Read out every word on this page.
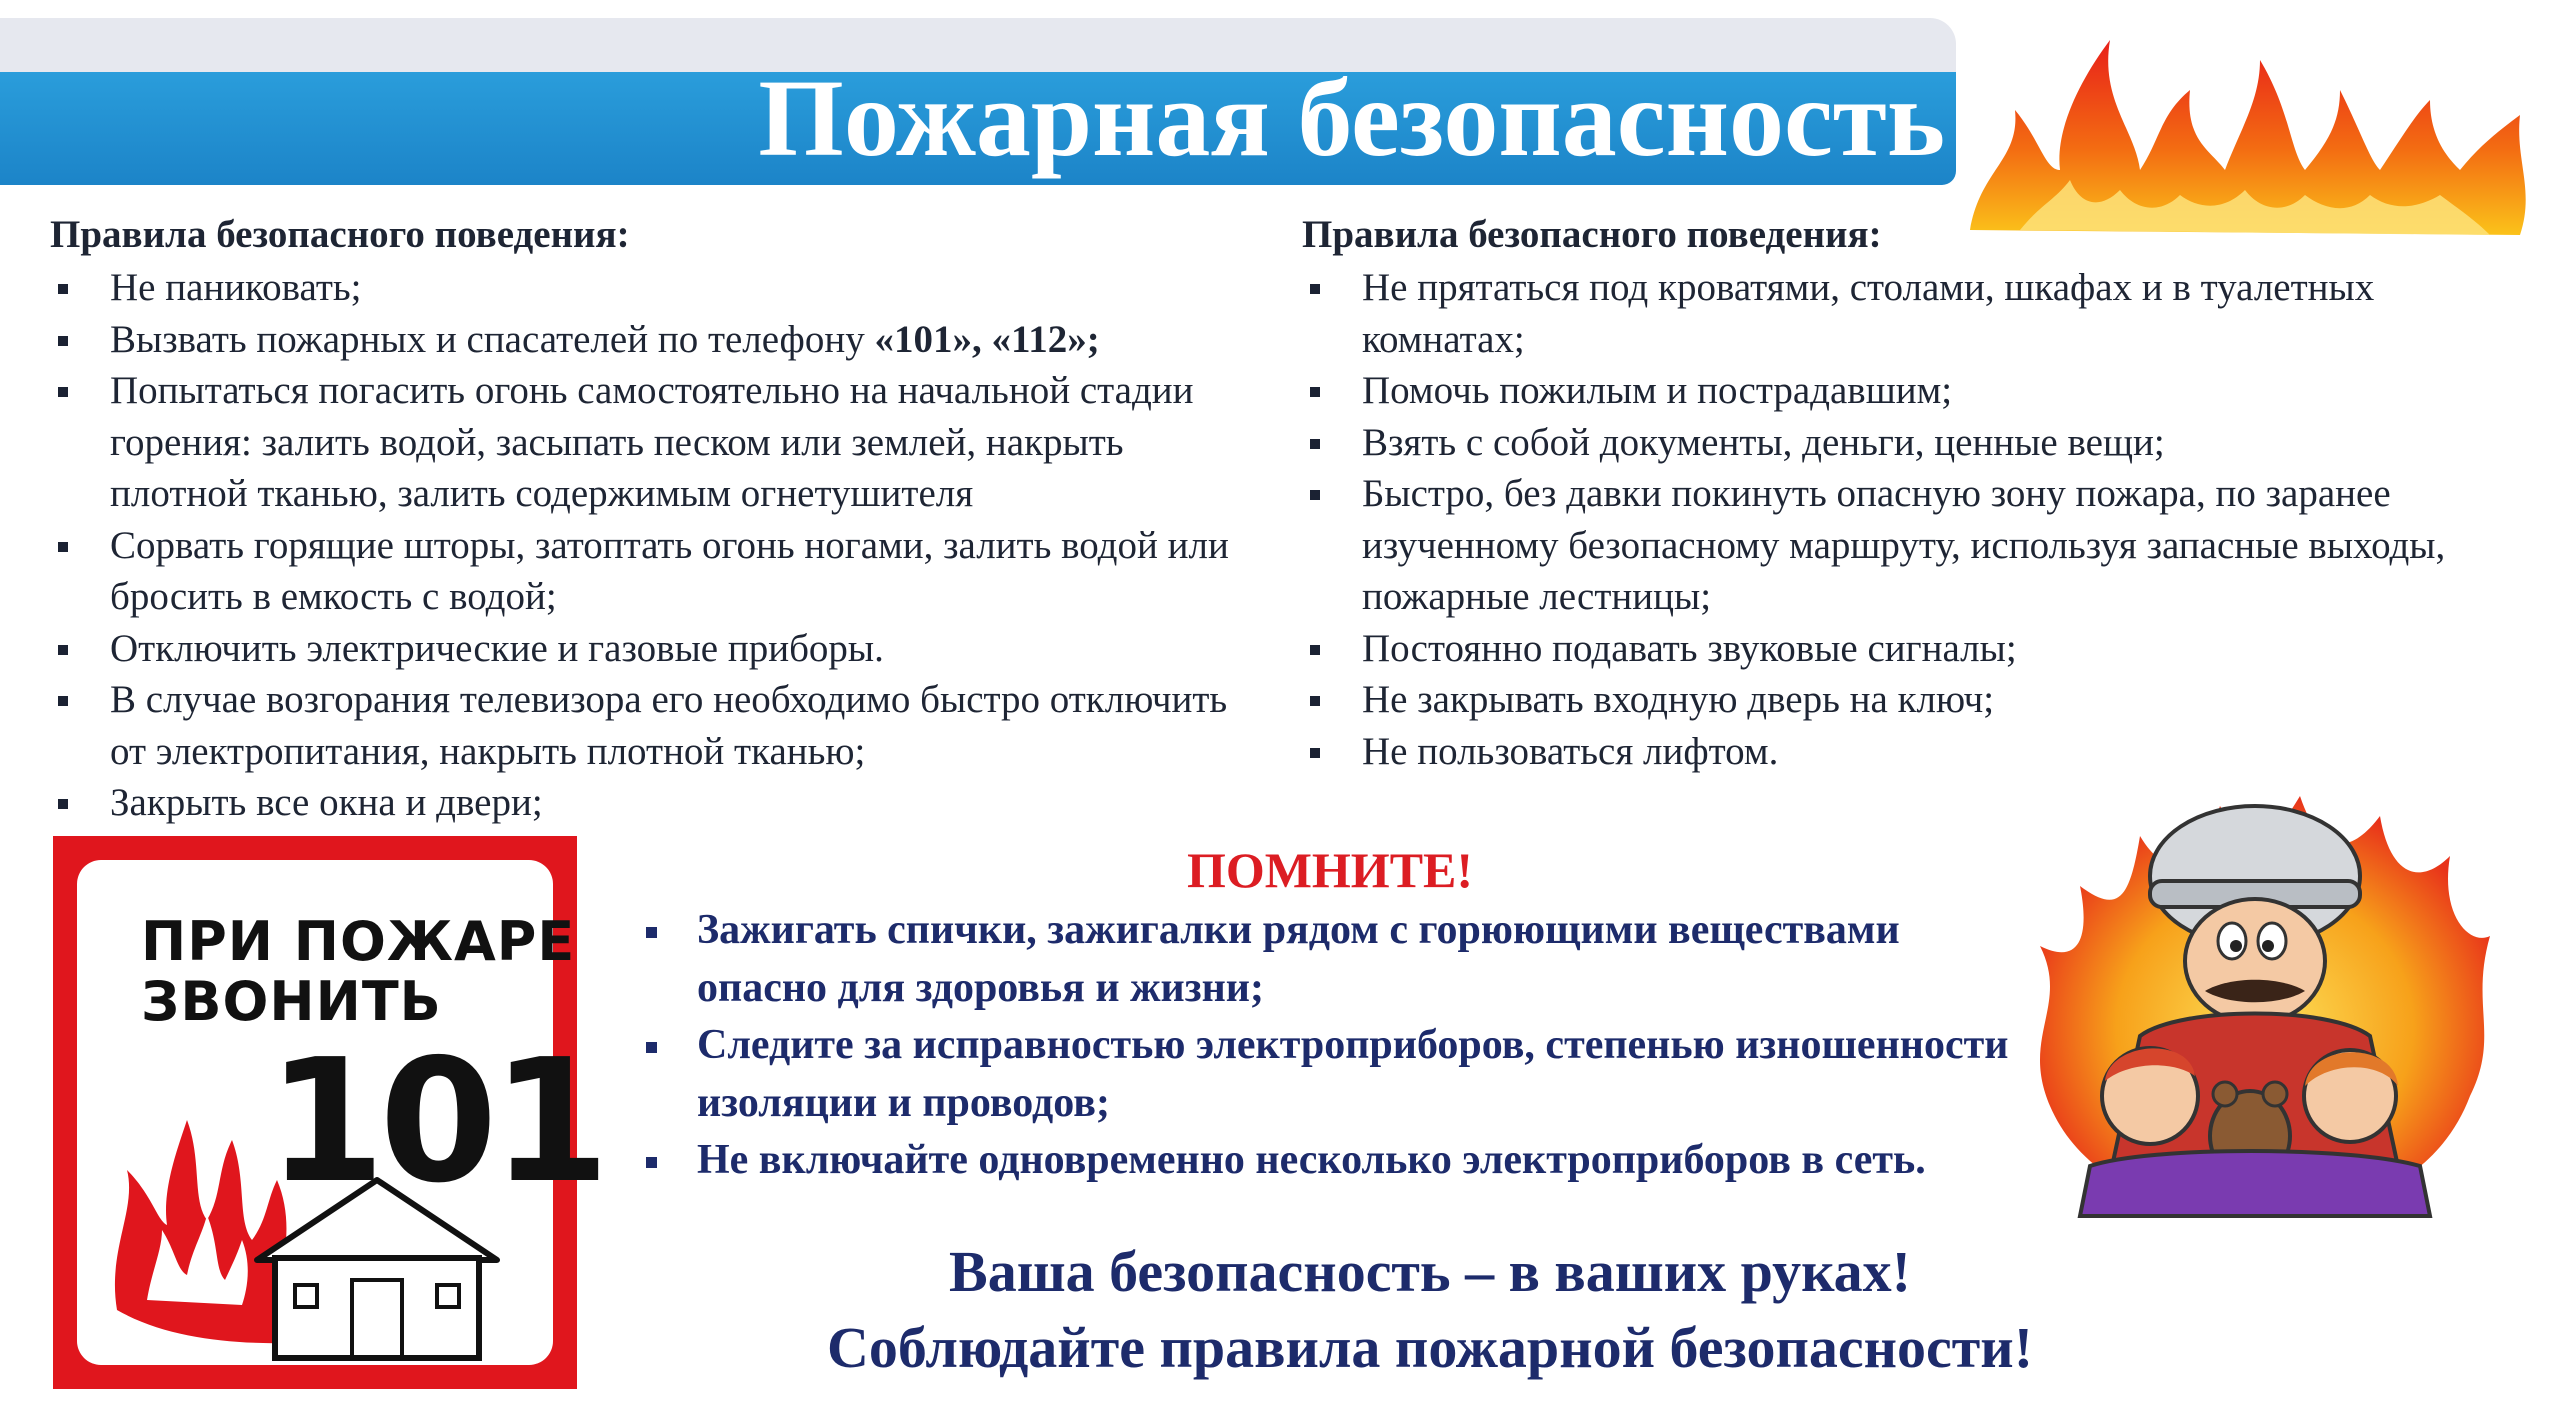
Пожарная безопасность
Правила безопасного поведения:
Не паниковать;
Вызвать пожарных и спасателей по телефону «101», «112»;
Попытаться погасить огонь самостоятельно на начальной стадии горения: залить водой, засыпать песком или землей, накрыть плотной тканью, залить содержимым огнетушителя
Сорвать горящие шторы, затоптать огонь ногами, залить водой или бросить в емкость с водой;
Отключить электрические и газовые приборы.
В случае возгорания телевизора его необходимо быстро отключить от электропитания, накрыть плотной тканью;
Закрыть все окна и двери;
Правила безопасного поведения:
Не прятаться под кроватями, столами, шкафах и в туалетных комнатах;
Помочь пожилым и пострадавшим;
Взять с собой документы, деньги, ценные вещи;
Быстро, без давки покинуть опасную зону пожара, по заранее изученному безопасному маршруту, используя запасные выходы, пожарные лестницы;
Постоянно подавать звуковые сигналы;
Не закрывать входную дверь на ключ;
Не пользоваться лифтом.
ПРИ ПОЖАРЕ
ЗВОНИТЬ
101
ПОМНИТЕ!
Зажигать спички, зажигалки рядом с горюющими веществами опасно для здоровья и жизни;
Следите за исправностью электроприборов, степенью изношенности изоляции и проводов;
Не включайте одновременно несколько электроприборов в сеть.
Ваша безопасность – в ваших руках!
Соблюдайте правила пожарной безопасности!
